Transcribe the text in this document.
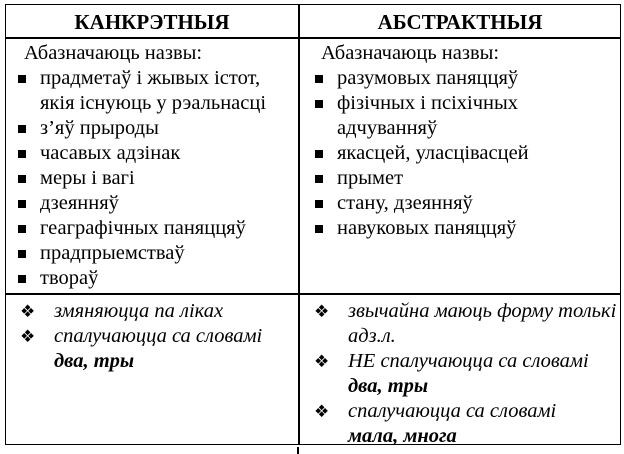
КАНКРЭТНЫЯ	АБСТРАКТНЫЯ
Абазначаюць назвы:
прадметаў і жывых істот, якія існуюць у рэальнасці
з’яў прыроды
часавых адзінак
меры і вагі
дзеянняў
геаграфічных паняццяў
прадпрыемстваў
твораў
Абазначаюць назвы:
разумовых паняццяў
фізічных і псіхічных адчуванняў
якасцей, уласцівасцей
прымет
стану, дзеянняў
навуковых паняццяў
❖ змяняюцца па ліках
❖ спалучаюцца са словамі
два, тры
❖ звычайна маюць форму толькі адз.л.
❖ НЕ спалучаюцца са словамі
два, тры
❖ спалучаюцца са словамі
мала, многа
